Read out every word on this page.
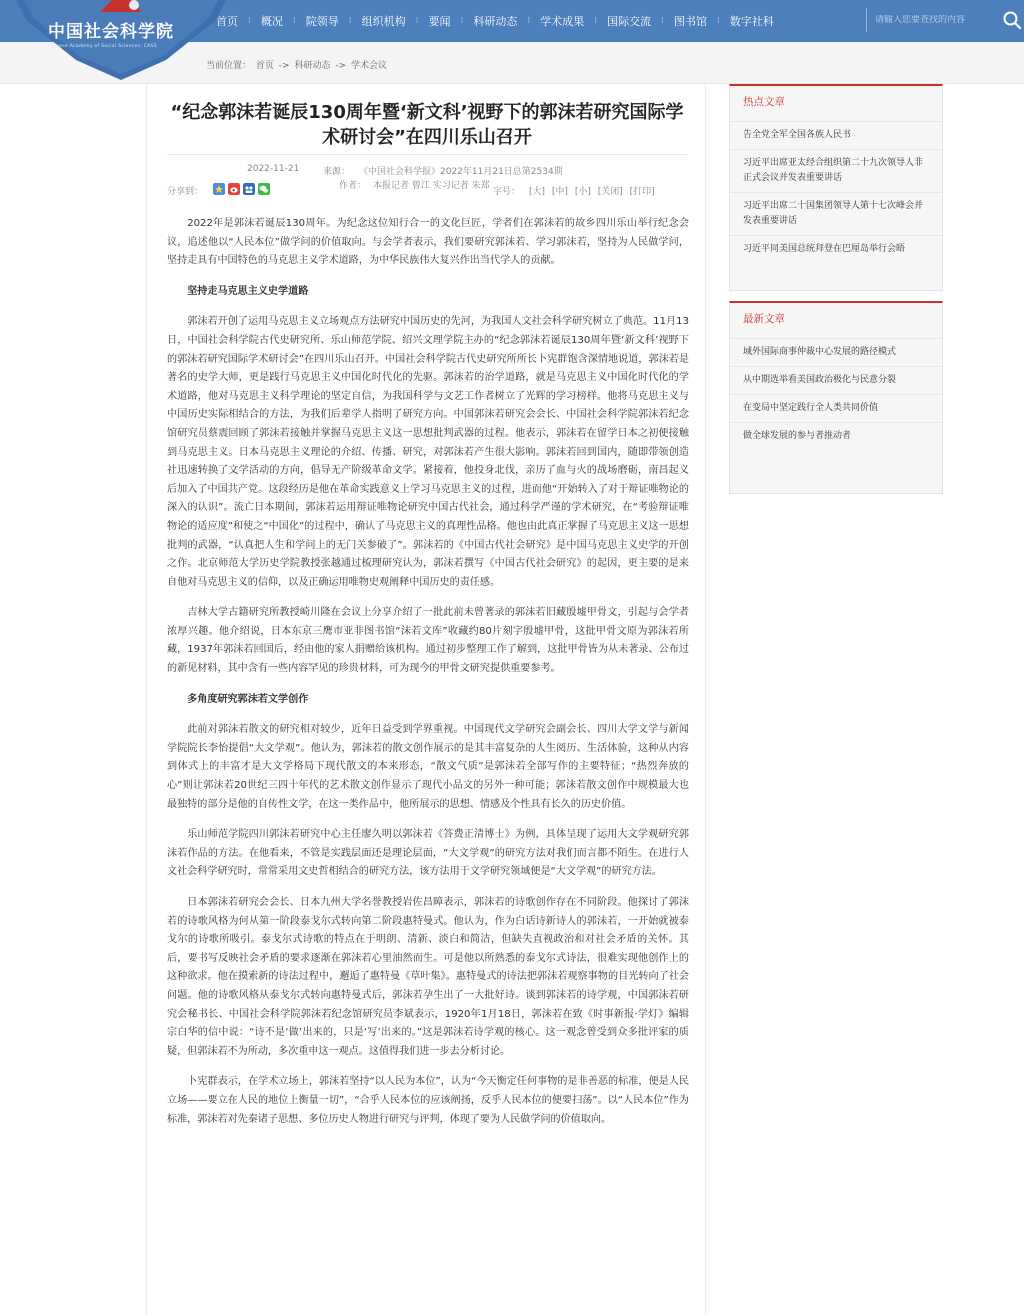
中国社会科学院
Chinese Academy of Social Sciences, CASS
首页	⁝ 概况	⁝ 院领导	⁝ 组织机构	⁝ 要闻	⁝ 科研动态	⁝ 学术成果	⁝ 国际交流	⁝ 图书馆	⁝ 数字社科
请输入您要查找的内容
当前位置： 首页 -> 科研动态 -> 学术会议
“纪念郭沫若诞辰130周年暨‘新文科’视野下的郭沫若研究国际学术研讨会”在四川乐山召开
2022-11-21	来源： 《中国社会科学报》2022年11月21日总第2534期
作者： 本报记者 曾江 实习记者 朱郑
分享到：	字号： [大] [中] [小] [关闭] [打印]

2022年是郭沫若诞辰130周年。为纪念这位知行合一的文化巨匠，学者们在郭沫若的故乡四川乐山举行纪念会议，追述他以“人民本位”做学问的价值取向。与会学者表示，我们要研究郭沫若、学习郭沫若，坚持为人民做学问，坚持走具有中国特色的马克思主义学术道路，为中华民族伟大复兴作出当代学人的贡献。

坚持走马克思主义史学道路

郭沫若开创了运用马克思主义立场观点方法研究中国历史的先河，为我国人文社会科学研究树立了典范。11月13日，中国社会科学院古代史研究所、乐山师范学院、绍兴文理学院主办的“纪念郭沫若诞辰130周年暨‘新文科’视野下的郭沫若研究国际学术研讨会”在四川乐山召开。中国社会科学院古代史研究所所长卜宪群饱含深情地说道，郭沫若是著名的史学大师，更是践行马克思主义中国化时代化的先驱。郭沫若的治学道路，就是马克思主义中国化时代化的学术道路，他对马克思主义科学理论的坚定自信，为我国科学与文艺工作者树立了光辉的学习榜样。他将马克思主义与中国历史实际相结合的方法，为我们后辈学人指明了研究方向。中国郭沫若研究会会长、中国社会科学院郭沫若纪念馆研究员蔡震回顾了郭沫若接触并掌握马克思主义这一思想批判武器的过程。他表示，郭沫若在留学日本之初便接触到马克思主义。日本马克思主义理论的介绍、传播、研究，对郭沫若产生很大影响。郭沫若回到国内，随即带领创造社迅速转换了文学活动的方向，倡导无产阶级革命文学。紧接着，他投身北伐，亲历了血与火的战场磨砺，南昌起义后加入了中国共产党。这段经历是他在革命实践意义上学习马克思主义的过程，进而他“开始转入了对于辩证唯物论的深入的认识”。流亡日本期间，郭沫若运用辩证唯物论研究中国古代社会，通过科学严谨的学术研究，在“考验辩证唯物论的适应度”和使之“中国化”的过程中，确认了马克思主义的真理性品格。他也由此真正掌握了马克思主义这一思想批判的武器，“认真把人生和学问上的无门关参破了”。郭沫若的《中国古代社会研究》是中国马克思主义史学的开创之作。北京师范大学历史学院教授张越通过梳理研究认为，郭沫若撰写《中国古代社会研究》的起因，更主要的是来自他对马克思主义的信仰，以及正确运用唯物史观阐释中国历史的责任感。

吉林大学古籍研究所教授崎川隆在会议上分享介绍了一批此前未曾著录的郭沫若旧藏殷墟甲骨文，引起与会学者浓厚兴趣。他介绍说，日本东京三鹰市亚非图书馆“沫若文库”收藏约80片刻字殷墟甲骨，这批甲骨文原为郭沫若所藏，1937年郭沫若回国后，经由他的家人捐赠给该机构。通过初步整理工作了解到，这批甲骨皆为从未著录、公布过的新见材料，其中含有一些内容罕见的珍贵材料，可为现今的甲骨文研究提供重要参考。

多角度研究郭沫若文学创作

此前对郭沫若散文的研究相对较少，近年日益受到学界重视。中国现代文学研究会副会长、四川大学文学与新闻学院院长李怡提倡“大文学观”。他认为，郭沫若的散文创作展示的是其丰富复杂的人生阅历、生活体验，这种从内容到体式上的丰富才是大文学格局下现代散文的本来形态，“散文气质”是郭沫若全部写作的主要特征；“热烈奔放的心”则让郭沫若20世纪三四十年代的艺术散文创作显示了现代小品文的另外一种可能；郭沫若散文创作中规模最大也最独特的部分是他的自传性文学，在这一类作品中，他所展示的思想、情感及个性具有长久的历史价值。

乐山师范学院四川郭沫若研究中心主任廖久明以郭沫若《答费正清博士》为例，具体呈现了运用大文学观研究郭沫若作品的方法。在他看来，不管是实践层面还是理论层面，“大文学观”的研究方法对我们而言都不陌生。在进行人文社会科学研究时，常常采用文史哲相结合的研究方法，该方法用于文学研究领域便是“大文学观”的研究方法。

日本郭沫若研究会会长、日本九州大学名誉教授岩佐昌暲表示，郭沫若的诗歌创作存在不同阶段。他探讨了郭沫若的诗歌风格为何从第一阶段泰戈尔式转向第二阶段惠特曼式。他认为，作为白话诗新诗人的郭沫若，一开始就被泰戈尔的诗歌所吸引。泰戈尔式诗歌的特点在于明朗、清新、淡白和简洁，但缺失直视政治和对社会矛盾的关怀。其后，要书写反映社会矛盾的要求逐渐在郭沫若心里油然而生。可是他以所熟悉的泰戈尔式诗法，很难实现他创作上的这种欲求。他在摸索新的诗法过程中，邂逅了惠特曼《草叶集》。惠特曼式的诗法把郭沫若观察事物的目光转向了社会问题。他的诗歌风格从泰戈尔式转向惠特曼式后，郭沫若孕生出了一大批好诗。谈到郭沫若的诗学观，中国郭沫若研究会秘书长、中国社会科学院郭沫若纪念馆研究员李斌表示，1920年1月18日，郭沫若在致《时事新报·学灯》编辑宗白华的信中说：“诗不是‘做’出来的，只是‘写’出来的。”这是郭沫若诗学观的核心。这一观念曾受到众多批评家的质疑，但郭沫若不为所动，多次重申这一观点。这值得我们进一步去分析讨论。

卜宪群表示，在学术立场上，郭沫若坚持“以人民为本位”，认为“今天衡定任何事物的是非善恶的标准，便是人民立场——要立在人民的地位上衡量一切”，“合乎人民本位的应该阐扬，反乎人民本位的便要扫荡”。以“人民本位”作为标准，郭沫若对先秦诸子思想、多位历史人物进行研究与评判，体现了要为人民做学问的价值取向。

热点文章
告全党全军全国各族人民书
习近平出席亚太经合组织第二十九次领导人非正式会议并发表重要讲话
习近平出席二十国集团领导人第十七次峰会并发表重要讲话
习近平同美国总统拜登在巴厘岛举行会晤
最新文章
域外国际商事仲裁中心发展的路径模式
从中期选举看美国政治极化与民意分裂
在变局中坚定践行全人类共同价值
做全球发展的参与者推动者
